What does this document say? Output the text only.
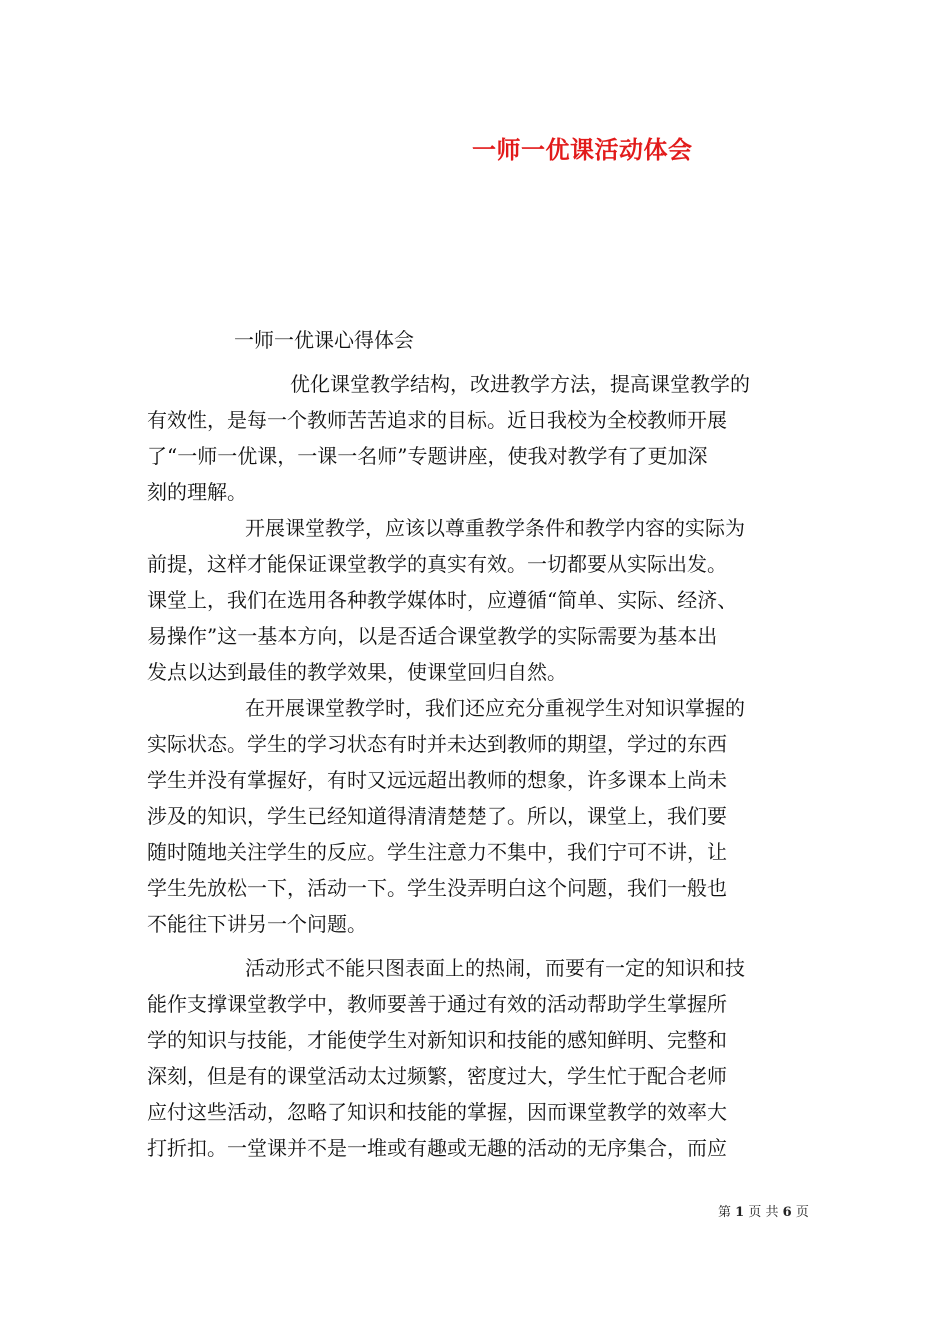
一师一优课活动体会
一师一优课心得体会
优化课堂教学结构，改进教学方法，提高课堂教学的
有效性，是每一个教师苦苦追求的目标。近日我校为全校教师开展
了“一师一优课，一课一名师”专题讲座，使我对教学有了更加深
刻的理解。
开展课堂教学，应该以尊重教学条件和教学内容的实际为
前提，这样才能保证课堂教学的真实有效。一切都要从实际出发。
课堂上，我们在选用各种教学媒体时，应遵循“简单、实际、经济、
易操作”这一基本方向，以是否适合课堂教学的实际需要为基本出
发点以达到最佳的教学效果，使课堂回归自然。
在开展课堂教学时，我们还应充分重视学生对知识掌握的
实际状态。学生的学习状态有时并未达到教师的期望，学过的东西
学生并没有掌握好，有时又远远超出教师的想象，许多课本上尚未
涉及的知识，学生已经知道得清清楚楚了。所以，课堂上，我们要
随时随地关注学生的反应。学生注意力不集中，我们宁可不讲，让
学生先放松一下，活动一下。学生没弄明白这个问题，我们一般也
不能往下讲另一个问题。
活动形式不能只图表面上的热闹，而要有一定的知识和技
能作支撑课堂教学中，教师要善于通过有效的活动帮助学生掌握所
学的知识与技能，才能使学生对新知识和技能的感知鲜明、完整和
深刻，但是有的课堂活动太过频繁，密度过大，学生忙于配合老师
应付这些活动，忽略了知识和技能的掌握，因而课堂教学的效率大
打折扣。一堂课并不是一堆或有趣或无趣的活动的无序集合，而应
第 1 页 共 6 页
